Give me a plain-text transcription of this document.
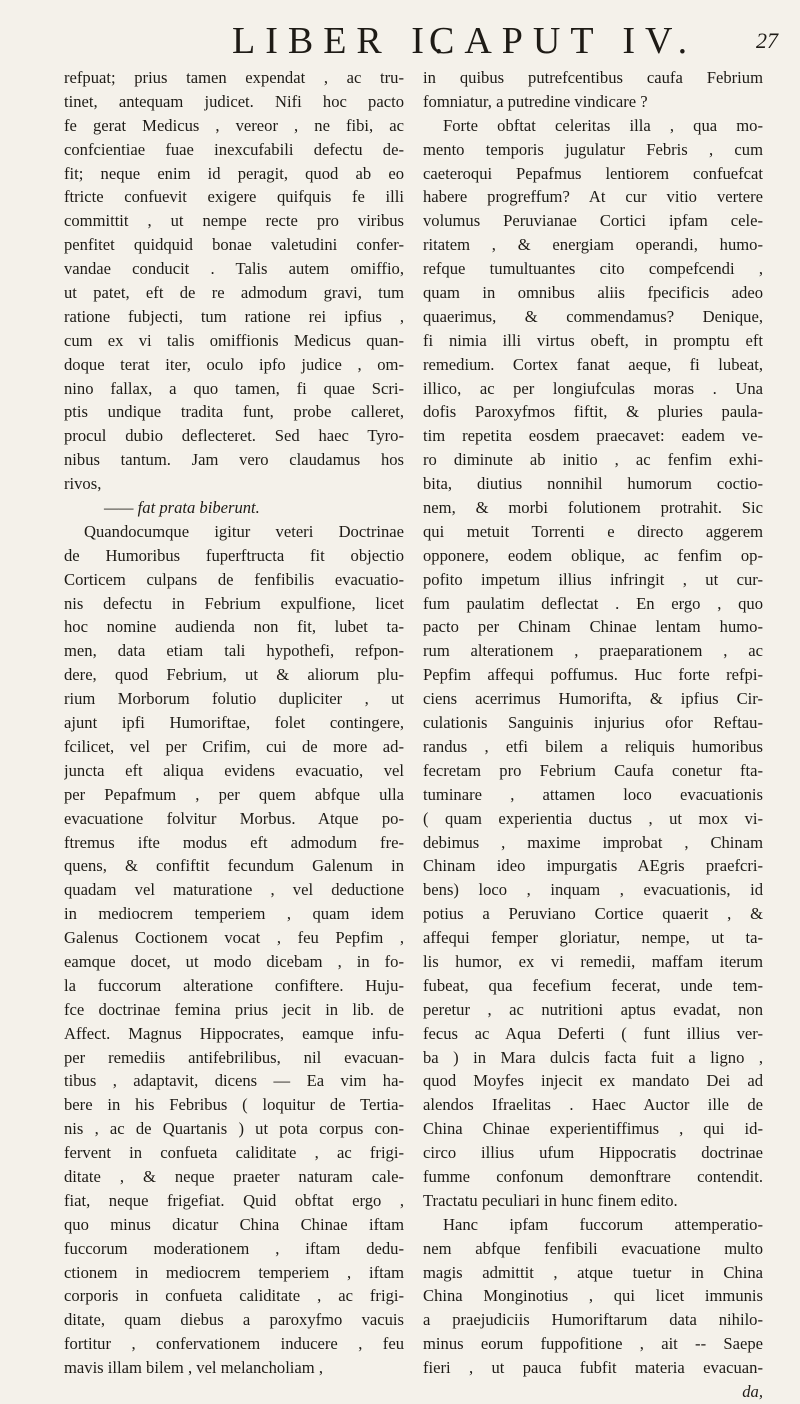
LIBER I.
CAPUT IV.	27
refpuat; prius tamen expendat , ac tru-
tinet, antequam judicet. Nifi hoc pacto
fe gerat Medicus , vereor , ne fibi, ac
confcientiae fuae inexcufabili defectu de-
fit; neque enim id peragit, quod ab eo
ftricte confuevit exigere quifquis fe illi
committit , ut nempe recte pro viribus
penfitet quidquid bonae valetudini confer-
vandae conducit . Talis autem omiffio,
ut patet, eft de re admodum gravi, tum
ratione fubjecti, tum ratione rei ipfius ,
cum ex vi talis omiffionis Medicus quan-
doque terat iter, oculo ipfo judice , om-
nino fallax, a quo tamen, fi quae Scri-
ptis undique tradita funt, probe calleret,
procul dubio deflecteret. Sed haec Tyro-
nibus tantum. Jam vero claudamus hos
rivos,
—— fat prata biberunt.
Quandocumque igitur veteri Doctrinae
de Humoribus fuperftructa fit objectio
Corticem culpans de fenfibilis evacuatio-
nis defectu in Febrium expulfione, licet
hoc nomine audienda non fit, lubet ta-
men, data etiam tali hypothefi, refpon-
dere, quod Febrium, ut & aliorum plu-
rium Morborum folutio dupliciter , ut
ajunt ipfi Humoriftae, folet contingere,
fcilicet, vel per Crifim, cui de more ad-
juncta eft aliqua evidens evacuatio, vel
per Pepafmum , per quem abfque ulla
evacuatione folvitur Morbus. Atque po-
ftremus ifte modus eft admodum fre-
quens, & confiftit fecundum Galenum in
quadam vel maturatione , vel deductione
in mediocrem temperiem , quam idem
Galenus Coctionem vocat , feu Pepfim ,
eamque docet, ut modo dicebam , in fo-
la fuccorum alteratione confiftere. Huju-
fce doctrinae femina prius jecit in lib. de
Affect. Magnus Hippocrates, eamque infu-
per remediis antifebrilibus, nil evacuan-
tibus , adaptavit, dicens — Ea vim ha-
bere in his Febribus ( loquitur de Tertia-
nis , ac de Quartanis ) ut pota corpus con-
fervent in confueta caliditate , ac frigi-
ditate , & neque praeter naturam cale-
fiat, neque frigefiat. Quid obftat ergo ,
quo minus dicatur China Chinae iftam
fuccorum moderationem , iftam dedu-
ctionem in mediocrem temperiem , iftam
corporis in confueta caliditate , ac frigi-
ditate, quam diebus a paroxyfmo vacuis
fortitur , confervationem inducere , feu
mavis illam bilem , vel melancholiam ,
in quibus putrefcentibus caufa Febrium
fomniatur, a putredine vindicare ?
Forte obftat celeritas illa , qua mo-
mento temporis jugulatur Febris , cum
caeteroqui Pepafmus lentiorem confuefcat
habere progreffum? At cur vitio vertere
volumus Peruvianae Cortici ipfam cele-
ritatem , & energiam operandi, humo-
refque tumultuantes cito compefcendi ,
quam in omnibus aliis fpecificis adeo
quaerimus, & commendamus? Denique,
fi nimia illi virtus obeft, in promptu eft
remedium. Cortex fanat aeque, fi lubeat,
illico, ac per longiufculas moras . Una
dofis Paroxyfmos fiftit, & pluries paula-
tim repetita eosdem praecavet: eadem ve-
ro diminute ab initio , ac fenfim exhi-
bita, diutius nonnihil humorum coctio-
nem, & morbi folutionem protrahit. Sic
qui metuit Torrenti e directo aggerem
opponere, eodem oblique, ac fenfim op-
pofito impetum illius infringit , ut cur-
fum paulatim deflectat . En ergo , quo
pacto per Chinam Chinae lentam humo-
rum alterationem , praeparationem , ac
Pepfim affequi poffumus. Huc forte refpi-
ciens acerrimus Humorifta, & ipfius Cir-
culationis Sanguinis injurius ofor Reftau-
randus , etfi bilem a reliquis humoribus
fecretam pro Febrium Caufa conetur fta-
tuminare , attamen loco evacuationis
( quam experientia ductus , ut mox vi-
debimus , maxime improbat , Chinam
Chinam ideo impurgatis AEgris praefcri-
bens) loco , inquam , evacuationis, id
potius a Peruviano Cortice quaerit , &
affequi femper gloriatur, nempe, ut ta-
lis humor, ex vi remedii, maffam iterum
fubeat, qua fecefium fecerat, unde tem-
peretur , ac nutritioni aptus evadat, non
fecus ac Aqua Deferti ( funt illius ver-
ba ) in Mara dulcis facta fuit a ligno ,
quod Moyfes injecit ex mandato Dei ad
alendos Ifraelitas . Haec Auctor ille de
China Chinae experientiffimus , qui id-
circo illius ufum Hippocratis doctrinae
fumme confonum demonftrare contendit.
Tractatu peculiari in hunc finem edito.
Hanc ipfam fuccorum attemperatio-
nem abfque fenfibili evacuatione multo
magis admittit , atque tuetur in China
China Monginotius , qui licet immunis
a praejudiciis Humoriftarum data nihilo-
minus eorum fuppofitione , ait -- Saepe
fieri , ut pauca fubfit materia evacuan-
da,
